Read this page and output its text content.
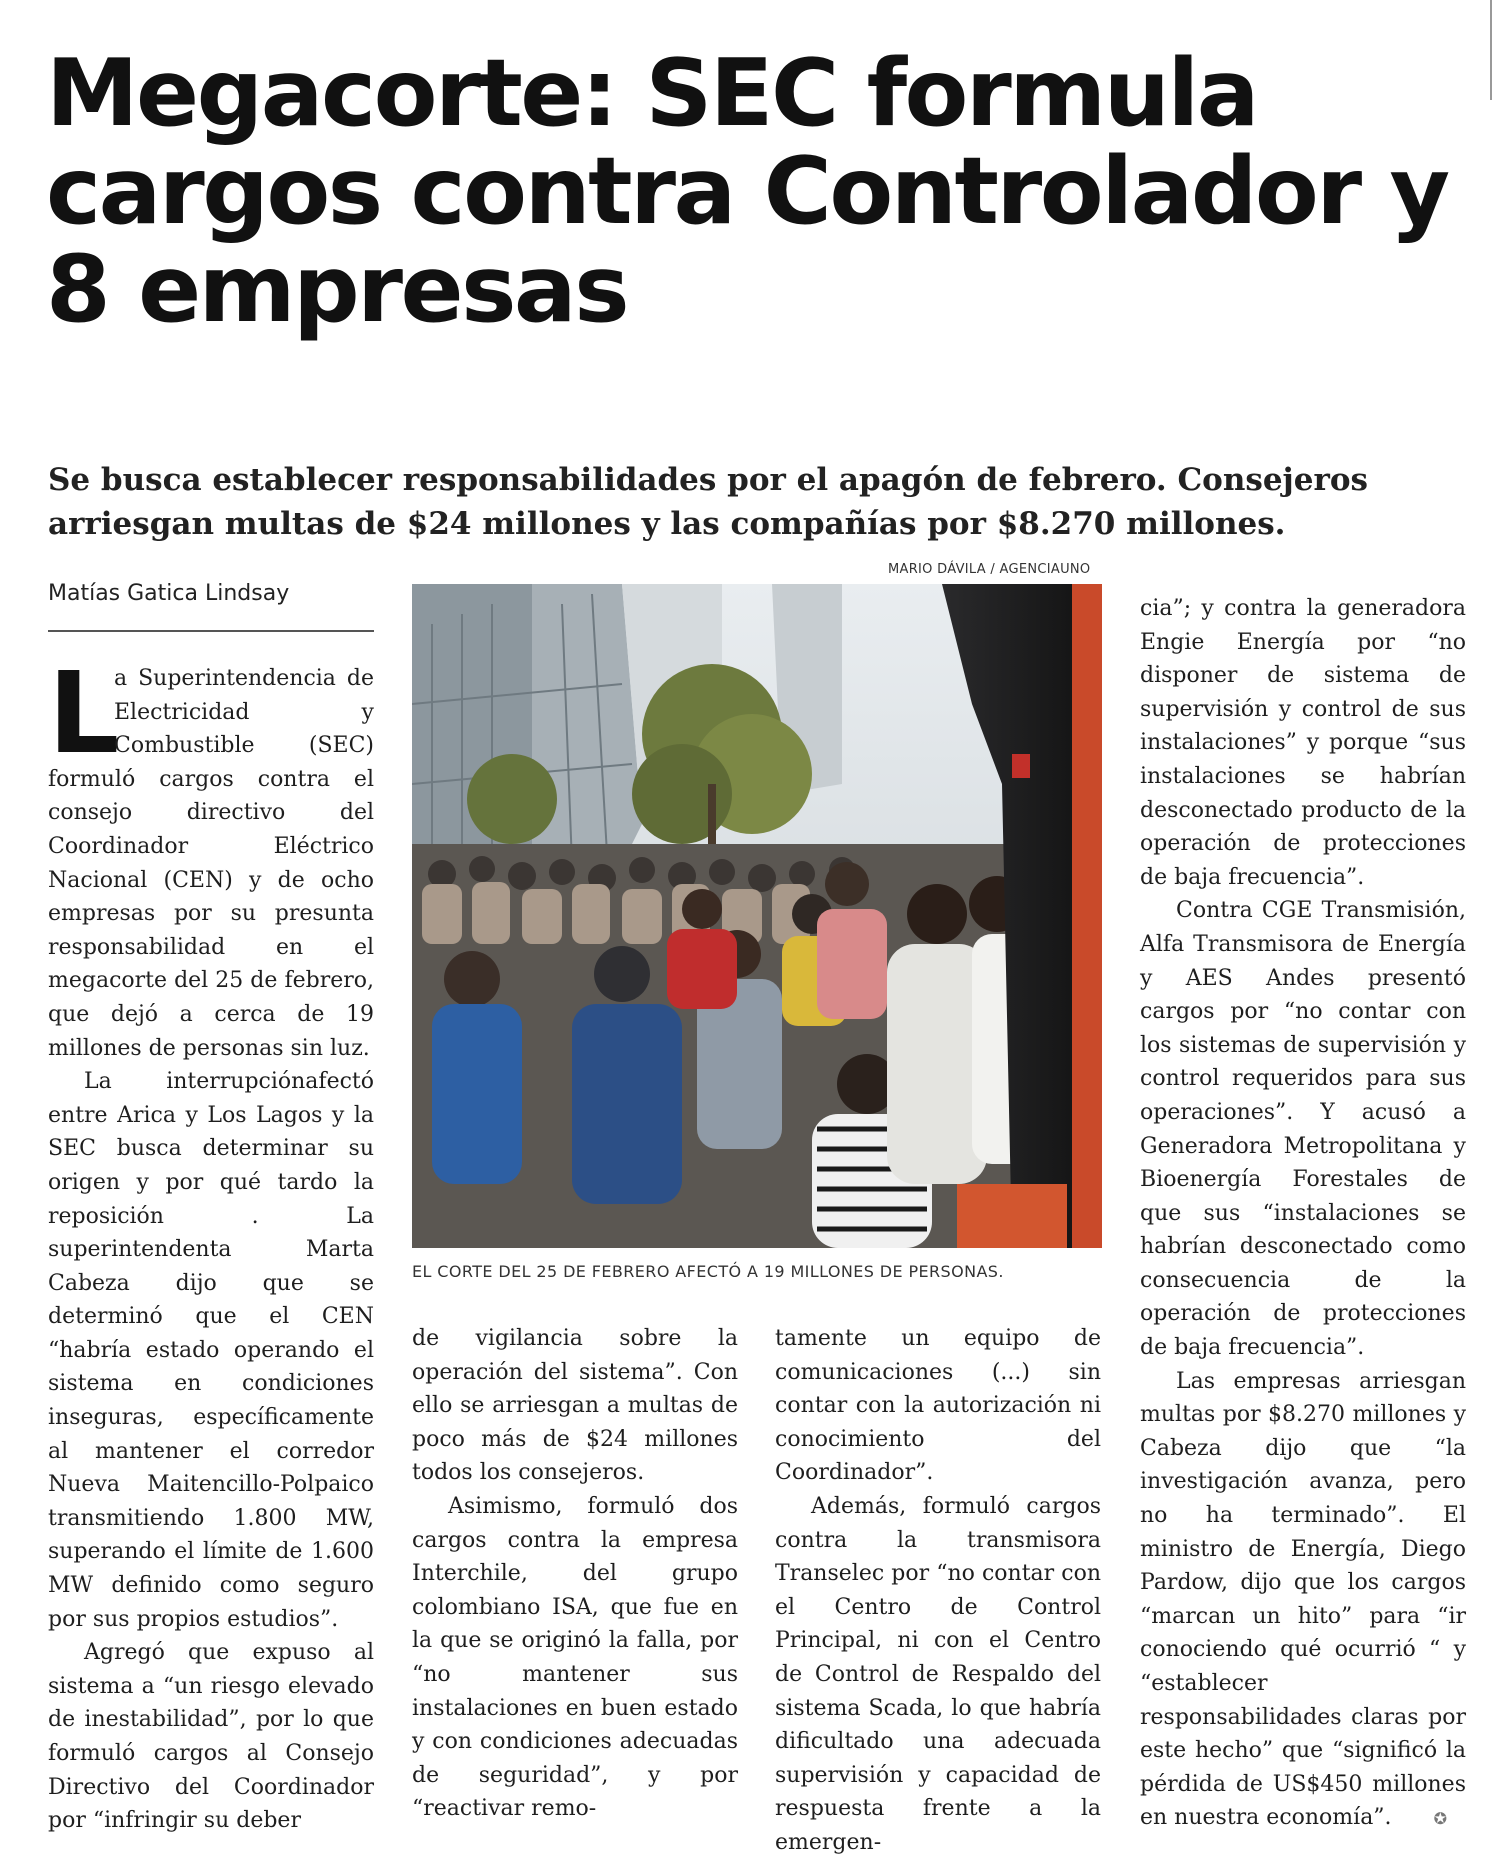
Megacorte: SEC formula cargos contra Controlador y 8 empresas

Se busca establecer responsabilidades por el apagón de febrero. Consejeros arriesgan multas de $24 millones y las compañías por $8.270 millones.

Matías Gatica Lindsay
MARIO DÁVILA / AGENCIAUNO
EL CORTE DEL 25 DE FEBRERO AFECTÓ A 19 MILLONES DE PERSONAS.

L
a Superintendencia de Electricidad y Combustible (SEC) formuló cargos contra el consejo directivo del Coordinador Eléctrico Nacional (CEN) y de ocho empresas por su presunta responsabilidad en el megacorte del 25 de febrero, que dejó a cerca de 19 millones de personas sin luz.

La interrupciónafectó entre Arica y Los Lagos y la SEC busca determinar su origen y por qué tardo la reposición . La superintendenta Marta Cabeza dijo que se determinó que el CEN “habría estado operando el sistema en condiciones inseguras, específicamente al mantener el corredor Nueva Maitencillo-Polpaico transmitiendo 1.800 MW, superando el límite de 1.600 MW definido como seguro por sus propios estudios”.

Agregó que expuso al sistema a “un riesgo elevado de inestabilidad”, por lo que formuló cargos al Consejo Directivo del Coordinador por “infringir su deber

de vigilancia sobre la operación del sistema”. Con ello se arriesgan a multas de poco más de $24 millones todos los consejeros.

Asimismo, formuló dos cargos contra la empresa Interchile, del grupo colombiano ISA, que fue en la que se originó la falla, por “no mantener sus instalaciones en buen estado y con condiciones adecuadas de seguridad”, y por “reactivar remo-

tamente un equipo de comunicaciones (...) sin contar con la autorización ni conocimiento del Coordinador”.

Además, formuló cargos contra la transmisora Transelec por “no contar con el Centro de Control Principal, ni con el Centro de Control de Respaldo del sistema Scada, lo que habría dificultado una adecuada supervisión y capacidad de respuesta frente a la emergen-

cia”; y contra la generadora Engie Energía por “no disponer de sistema de supervisión y control de sus instalaciones” y porque “sus instalaciones se habrían desconectado producto de la operación de protecciones de baja frecuencia”.

Contra CGE Transmisión, Alfa Transmisora de Energía y AES Andes presentó cargos por “no contar con los sistemas de supervisión y control requeridos para sus operaciones”. Y acusó a Generadora Metropolitana y Bioenergía Forestales de que sus “instalaciones se habrían desconectado como consecuencia de la operación de protecciones de baja frecuencia”.

Las empresas arriesgan multas por $8.270 millones y Cabeza dijo que “la investigación avanza, pero no ha terminado”. El ministro de Energía, Diego Pardow, dijo que los cargos “marcan un hito” para “ir conociendo qué ocurrió “ y “establecer responsabilidades claras por este hecho” que “significó la pérdida de US$450 millones en nuestra economía”.	✪
